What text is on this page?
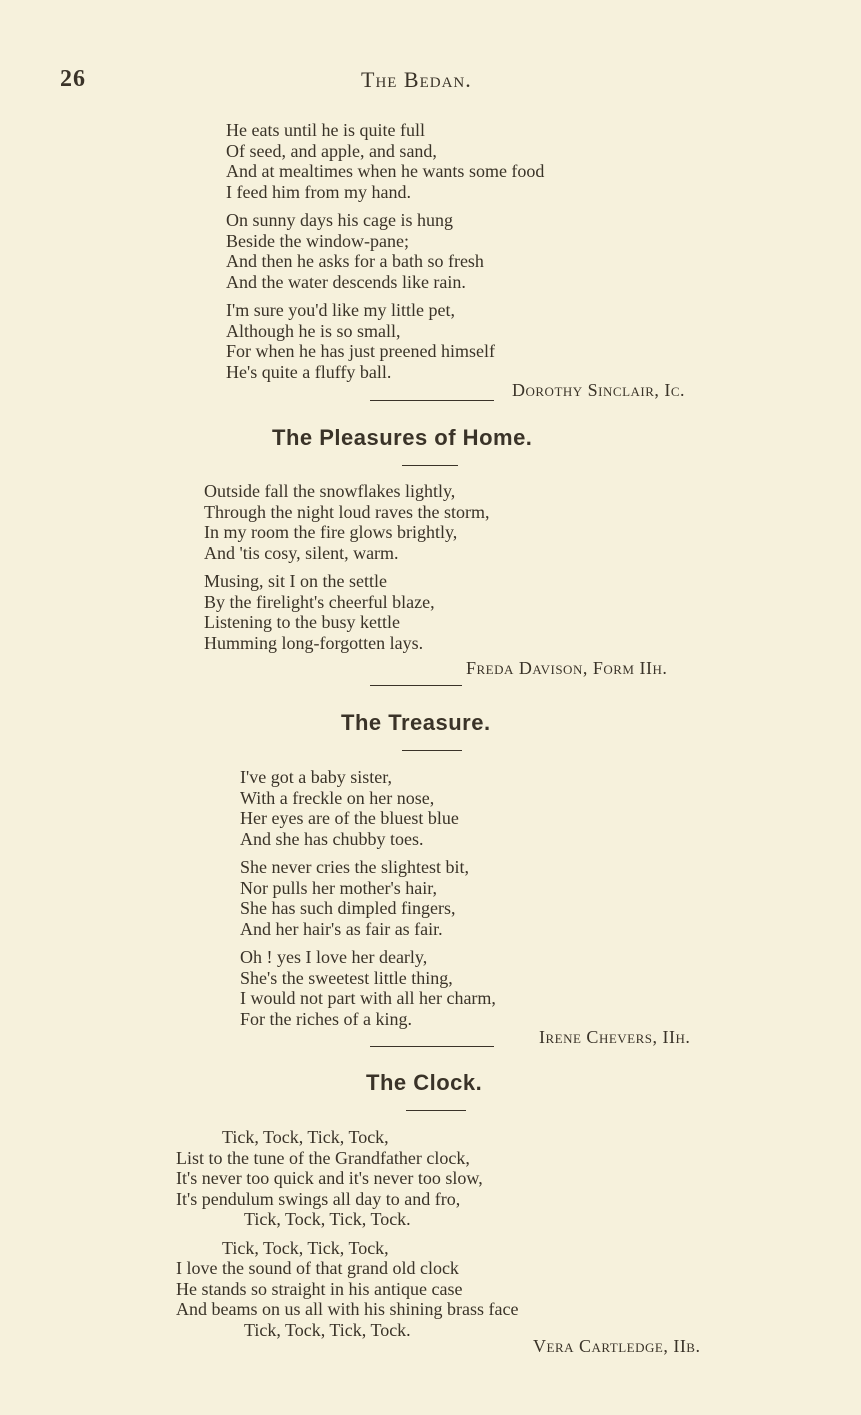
26	The Bedan.
He eats until he is quite full
Of seed, and apple, and sand,
And at mealtimes when he wants some food
I feed him from my hand.
On sunny days his cage is hung
Beside the window-pane;
And then he asks for a bath so fresh
And the water descends like rain.
I'm sure you'd like my little pet,
Although he is so small,
For when he has just preened himself
He's quite a fluffy ball.
Dorothy Sinclair, Ic.
The Pleasures of Home.
Outside fall the snowflakes lightly,
Through the night loud raves the storm,
In my room the fire glows brightly,
And 'tis cosy, silent, warm.
Musing, sit I on the settle
By the firelight's cheerful blaze,
Listening to the busy kettle
Humming long-forgotten lays.
Freda Davison, Form IIh.
The Treasure.
I've got a baby sister,
With a freckle on her nose,
Her eyes are of the bluest blue
And she has chubby toes.
She never cries the slightest bit,
Nor pulls her mother's hair,
She has such dimpled fingers,
And her hair's as fair as fair.
Oh ! yes I love her dearly,
She's the sweetest little thing,
I would not part with all her charm,
For the riches of a king.
Irene Chevers, IIh.
The Clock.
Tick, Tock, Tick, Tock,
List to the tune of the Grandfather clock,
It's never too quick and it's never too slow,
It's pendulum swings all day to and fro,
Tick, Tock, Tick, Tock.
Tick, Tock, Tick, Tock,
I love the sound of that grand old clock
He stands so straight in his antique case
And beams on us all with his shining brass face
Tick, Tock, Tick, Tock.
Vera Cartledge, IIb.
